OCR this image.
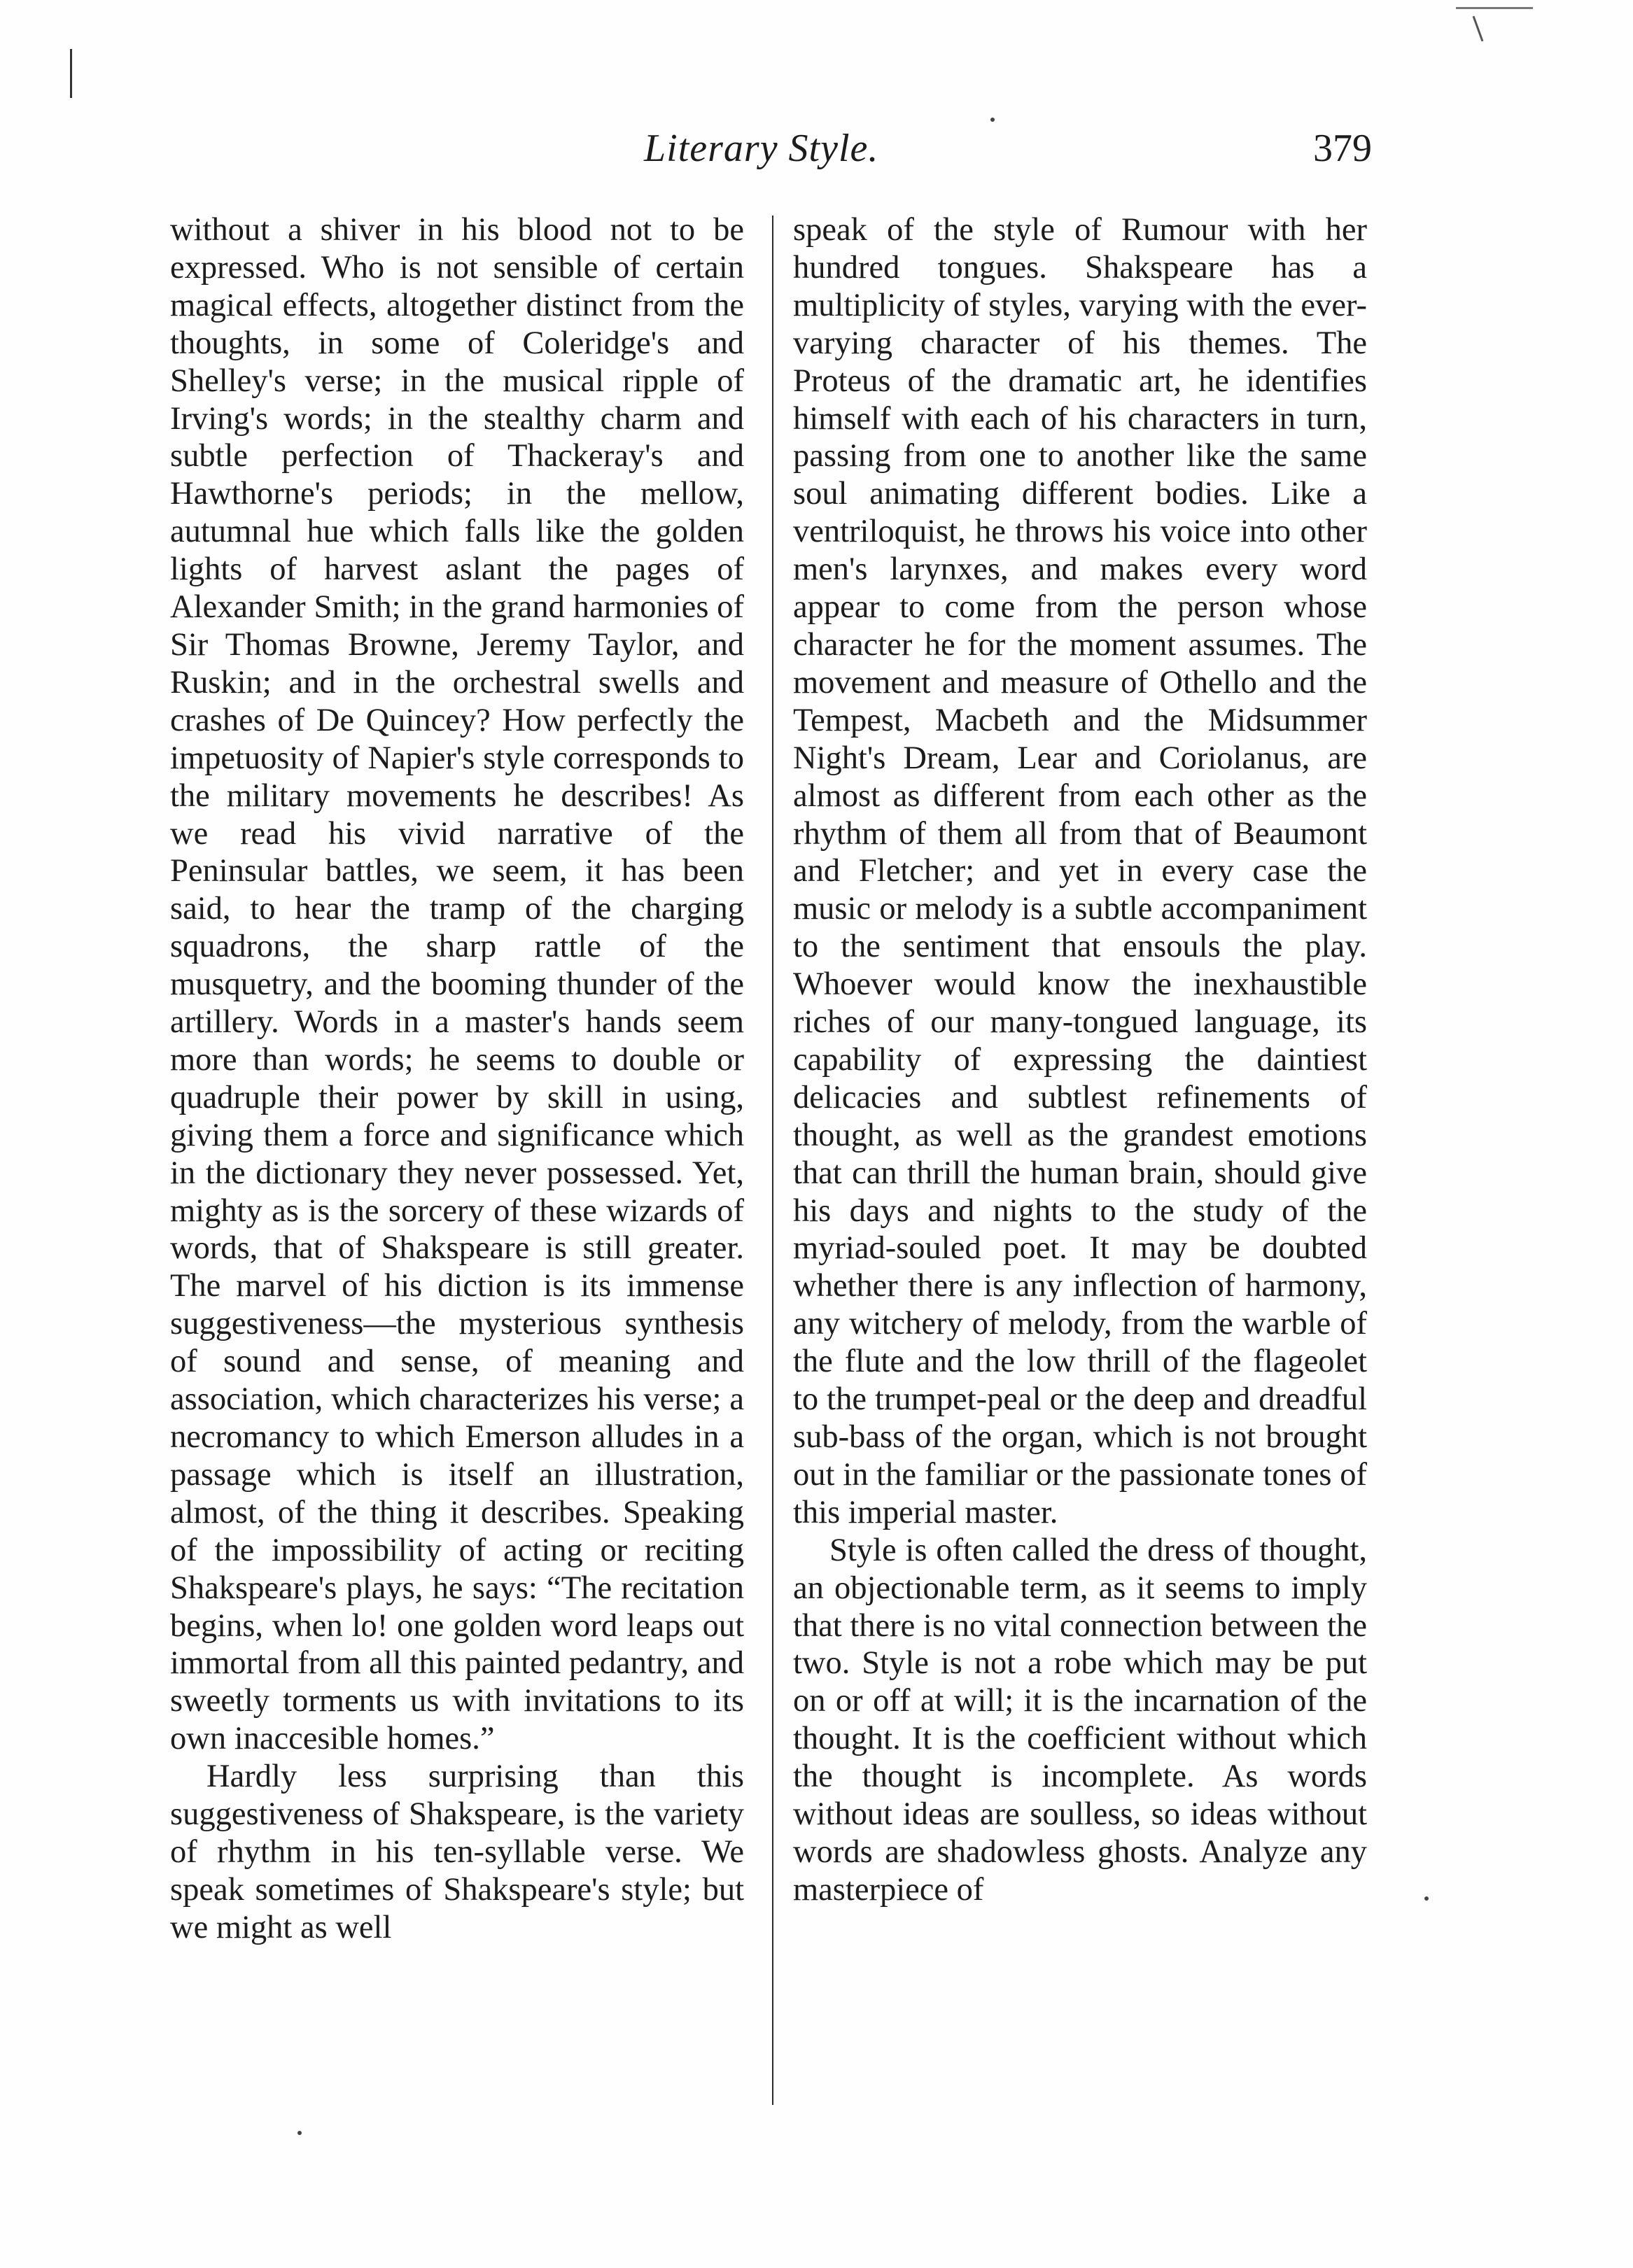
Literary Style.	379

without a shiver in his blood not to be expressed. Who is not sensible of certain magical effects, altogether distinct from the thoughts, in some of Coleridge's and Shelley's verse; in the musical ripple of Irving's words; in the stealthy charm and subtle perfection of Thackeray's and Hawthorne's periods; in the mellow, autumnal hue which falls like the golden lights of harvest aslant the pages of Alexander Smith; in the grand harmonies of Sir Thomas Browne, Jeremy Taylor, and Ruskin; and in the orchestral swells and crashes of De Quincey? How perfectly the impetuosity of Napier's style corresponds to the military movements he describes! As we read his vivid narrative of the Peninsular battles, we seem, it has been said, to hear the tramp of the charging squadrons, the sharp rattle of the musquetry, and the booming thunder of the artillery. Words in a master's hands seem more than words; he seems to double or quadruple their power by skill in using, giving them a force and significance which in the dictionary they never possessed. Yet, mighty as is the sorcery of these wizards of words, that of Shakspeare is still greater. The marvel of his diction is its immense suggestiveness—the mysterious synthesis of sound and sense, of meaning and association, which characterizes his verse; a necromancy to which Emerson alludes in a passage which is itself an illustration, almost, of the thing it describes. Speaking of the impossibility of acting or reciting Shakspeare's plays, he says: “The recitation begins, when lo! one golden word leaps out immortal from all this painted pedantry, and sweetly torments us with invitations to its own inaccesible homes.”

Hardly less surprising than this suggestiveness of Shakspeare, is the variety of rhythm in his ten-syllable verse. We speak sometimes of Shakspeare's style; but we might as well

speak of the style of Rumour with her hundred tongues. Shakspeare has a multiplicity of styles, varying with the ever-varying character of his themes. The Proteus of the dramatic art, he identifies himself with each of his characters in turn, passing from one to another like the same soul animating different bodies. Like a ventriloquist, he throws his voice into other men's larynxes, and makes every word appear to come from the person whose character he for the moment assumes. The movement and measure of Othello and the Tempest, Macbeth and the Midsummer Night's Dream, Lear and Coriolanus, are almost as different from each other as the rhythm of them all from that of Beaumont and Fletcher; and yet in every case the music or melody is a subtle accompaniment to the sentiment that ensouls the play. Whoever would know the inexhaustible riches of our many-tongued language, its capability of expressing the daintiest delicacies and subtlest refinements of thought, as well as the grandest emotions that can thrill the human brain, should give his days and nights to the study of the myriad-souled poet. It may be doubted whether there is any inflection of harmony, any witchery of melody, from the warble of the flute and the low thrill of the flageolet to the trumpet-peal or the deep and dreadful sub-bass of the organ, which is not brought out in the familiar or the passionate tones of this imperial master.

Style is often called the dress of thought, an objectionable term, as it seems to imply that there is no vital connection between the two. Style is not a robe which may be put on or off at will; it is the incarnation of the thought. It is the coefficient without which the thought is incomplete. As words without ideas are soulless, so ideas without words are shadowless ghosts. Analyze any masterpiece of
